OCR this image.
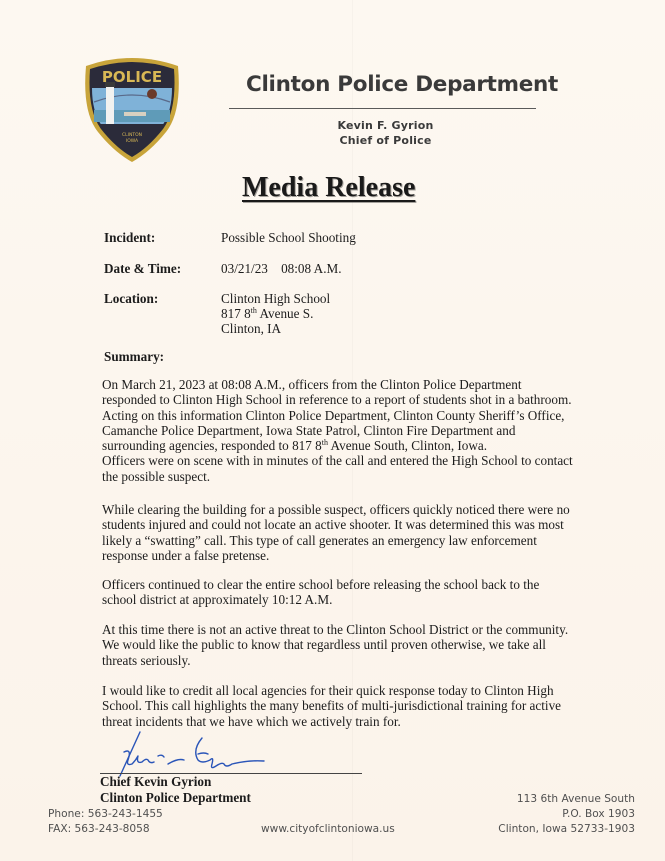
POLICE
CLINTON
IOWA
Clinton Police Department
Kevin F. Gyrion
Chief of Police
Media Release
Incident:	Possible School Shooting
Date & Time:	03/21/23 08:08 A.M.
Location:	Clinton High School
817 8th Avenue S.
Clinton, IA
Summary:
On March 21, 2023 at 08:08 A.M., officers from the Clinton Police Department
responded to Clinton High School in reference to a report of students shot in a bathroom.
Acting on this information Clinton Police Department, Clinton County Sheriff’s Office,
Camanche Police Department, Iowa State Patrol, Clinton Fire Department and
surrounding agencies, responded to 817 8th Avenue South, Clinton, Iowa.
Officers were on scene with in minutes of the call and entered the High School to contact
the possible suspect.
While clearing the building for a possible suspect, officers quickly noticed there were no
students injured and could not locate an active shooter. It was determined this was most
likely a “swatting” call. This type of call generates an emergency law enforcement
response under a false pretense.
Officers continued to clear the entire school before releasing the school back to the
school district at approximately 10:12 A.M.
At this time there is not an active threat to the Clinton School District or the community.
We would like the public to know that regardless until proven otherwise, we take all
threats seriously.
I would like to credit all local agencies for their quick response today to Clinton High
School. This call highlights the many benefits of multi-jurisdictional training for active
threat incidents that we have which we actively train for.
Chief Kevin Gyrion
Clinton Police Department
Phone: 563-243-1455
FAX: 563-243-8058	www.cityofclintoniowa.us
113 6th Avenue South
P.O. Box 1903
Clinton, Iowa 52733-1903
